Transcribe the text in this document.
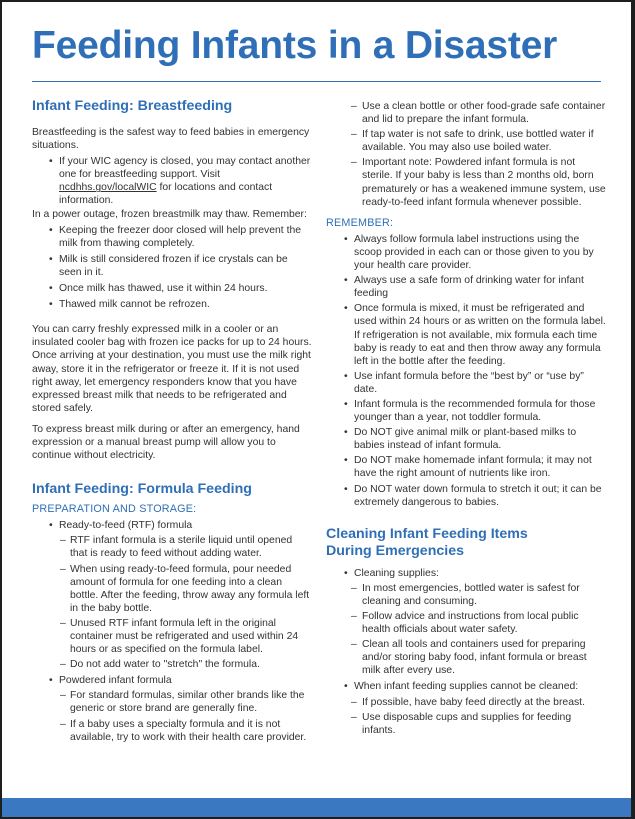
Feeding Infants in a Disaster
Infant Feeding: Breastfeeding

Breastfeeding is the safest way to feed babies in emergency situations.

• If your WIC agency is closed, you may contact another one for breastfeeding support. Visit ncdhhs.gov/localWIC for locations and contact information.

In a power outage, frozen breastmilk may thaw. Remember:

• Keeping the freezer door closed will help prevent the milk from thawing completely.
• Milk is still considered frozen if ice crystals can be seen in it.
• Once milk has thawed, use it within 24 hours.
• Thawed milk cannot be refrozen.

You can carry freshly expressed milk in a cooler or an insulated cooler bag with frozen ice packs for up to 24 hours. Once arriving at your destination, you must use the milk right away, store it in the refrigerator or freeze it. If it is not used right away, let emergency responders know that you have expressed breast milk that needs to be refrigerated and stored safely.

To express breast milk during or after an emergency, hand expression or a manual breast pump will allow you to continue without electricity.

Infant Feeding: Formula Feeding

PREPARATION AND STORAGE:

• Ready-to-feed (RTF) formula
– RTF infant formula is a sterile liquid until opened that is ready to feed without adding water.
– When using ready-to-feed formula, pour needed amount of formula for one feeding into a clean bottle. After the feeding, throw away any formula left in the baby bottle.
– Unused RTF infant formula left in the original container must be refrigerated and used within 24 hours or as specified on the formula label.
– Do not add water to "stretch" the formula.
• Powdered infant formula
– For standard formulas, similar other brands like the generic or store brand are generally fine.
– If a baby uses a specialty formula and it is not available, try to work with their health care provider.
– Use a clean bottle or other food-grade safe container and lid to prepare the infant formula.
– If tap water is not safe to drink, use bottled water if available. You may also use boiled water.
– Important note: Powdered infant formula is not sterile. If your baby is less than 2 months old, born prematurely or has a weakened immune system, use ready-to-feed infant formula whenever possible.

REMEMBER:

• Always follow formula label instructions using the scoop provided in each can or those given to you by your health care provider.
• Always use a safe form of drinking water for infant feeding
• Once formula is mixed, it must be refrigerated and used within 24 hours or as written on the formula label. If refrigeration is not available, mix formula each time baby is ready to eat and then throw away any formula left in the bottle after the feeding.
• Use infant formula before the “best by” or “use by” date.
• Infant formula is the recommended formula for those younger than a year, not toddler formula.
• Do NOT give animal milk or plant-based milks to babies instead of infant formula.
• Do NOT make homemade infant formula; it may not have the right amount of nutrients like iron.
• Do NOT water down formula to stretch it out; it can be extremely dangerous to babies.
Cleaning Infant Feeding Items
During Emergencies
• Cleaning supplies:
– In most emergencies, bottled water is safest for cleaning and consuming.
– Follow advice and instructions from local public health officials about water safety.
– Clean all tools and containers used for preparing and/or storing baby food, infant formula or breast milk after every use.
• When infant feeding supplies cannot be cleaned:
– If possible, have baby feed directly at the breast.
– Use disposable cups and supplies for feeding infants.
